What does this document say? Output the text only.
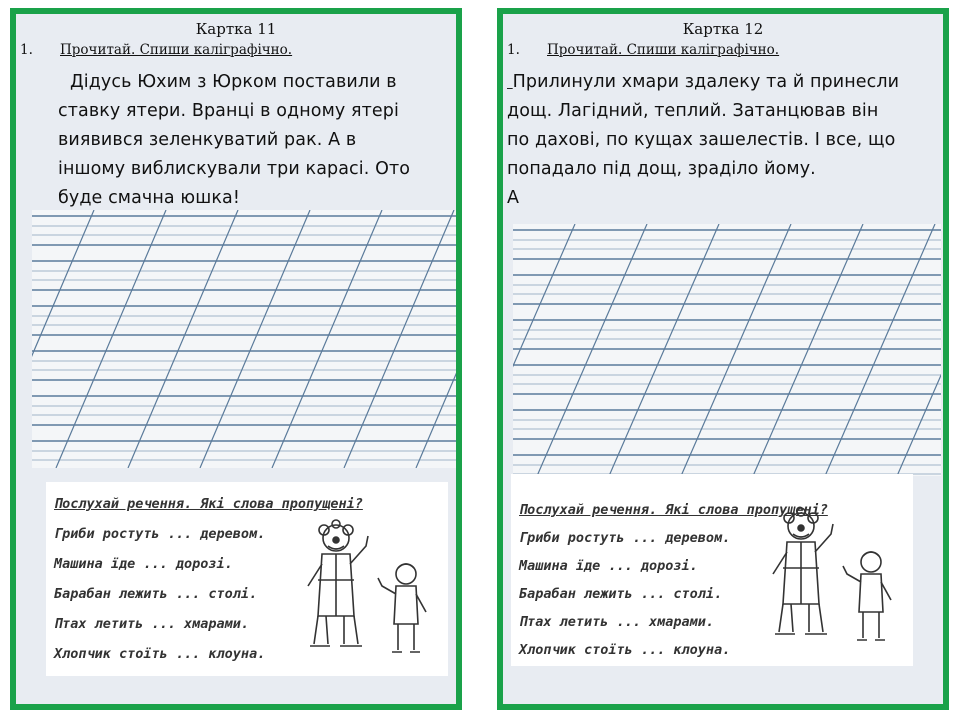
Картка 11
1. Прочитай. Спиши каліграфічно.
Дідусь Юхим з Юрком поставили в
ставку ятери. Вранці в одному ятері
виявився зеленкуватий рак. А в
іншому виблискували три карасі. Ото
буде смачна юшка!
Послухай речення. Які слова пропущені?
Гриби ростуть ... деревом.
Машина їде ... дорозі.
Барабан лежить ... столі.
Птах летить ... хмарами.
Хлопчик стоїть ... клоуна.
Картка 12
1. Прочитай. Спиши каліграфічно.
Прилинули хмари здалеку та й принесли
дощ. Лагідний, теплий. Затанцював він
по даховi, по кущах зашелестів. І все, що
попадало під дощ, зраділо йому.
А
Послухай речення. Які слова пропущені?
Гриби ростуть ... деревом.
Машина їде ... дорозі.
Барабан лежить ... столі.
Птах летить ... хмарами.
Хлопчик стоїть ... клоуна.
